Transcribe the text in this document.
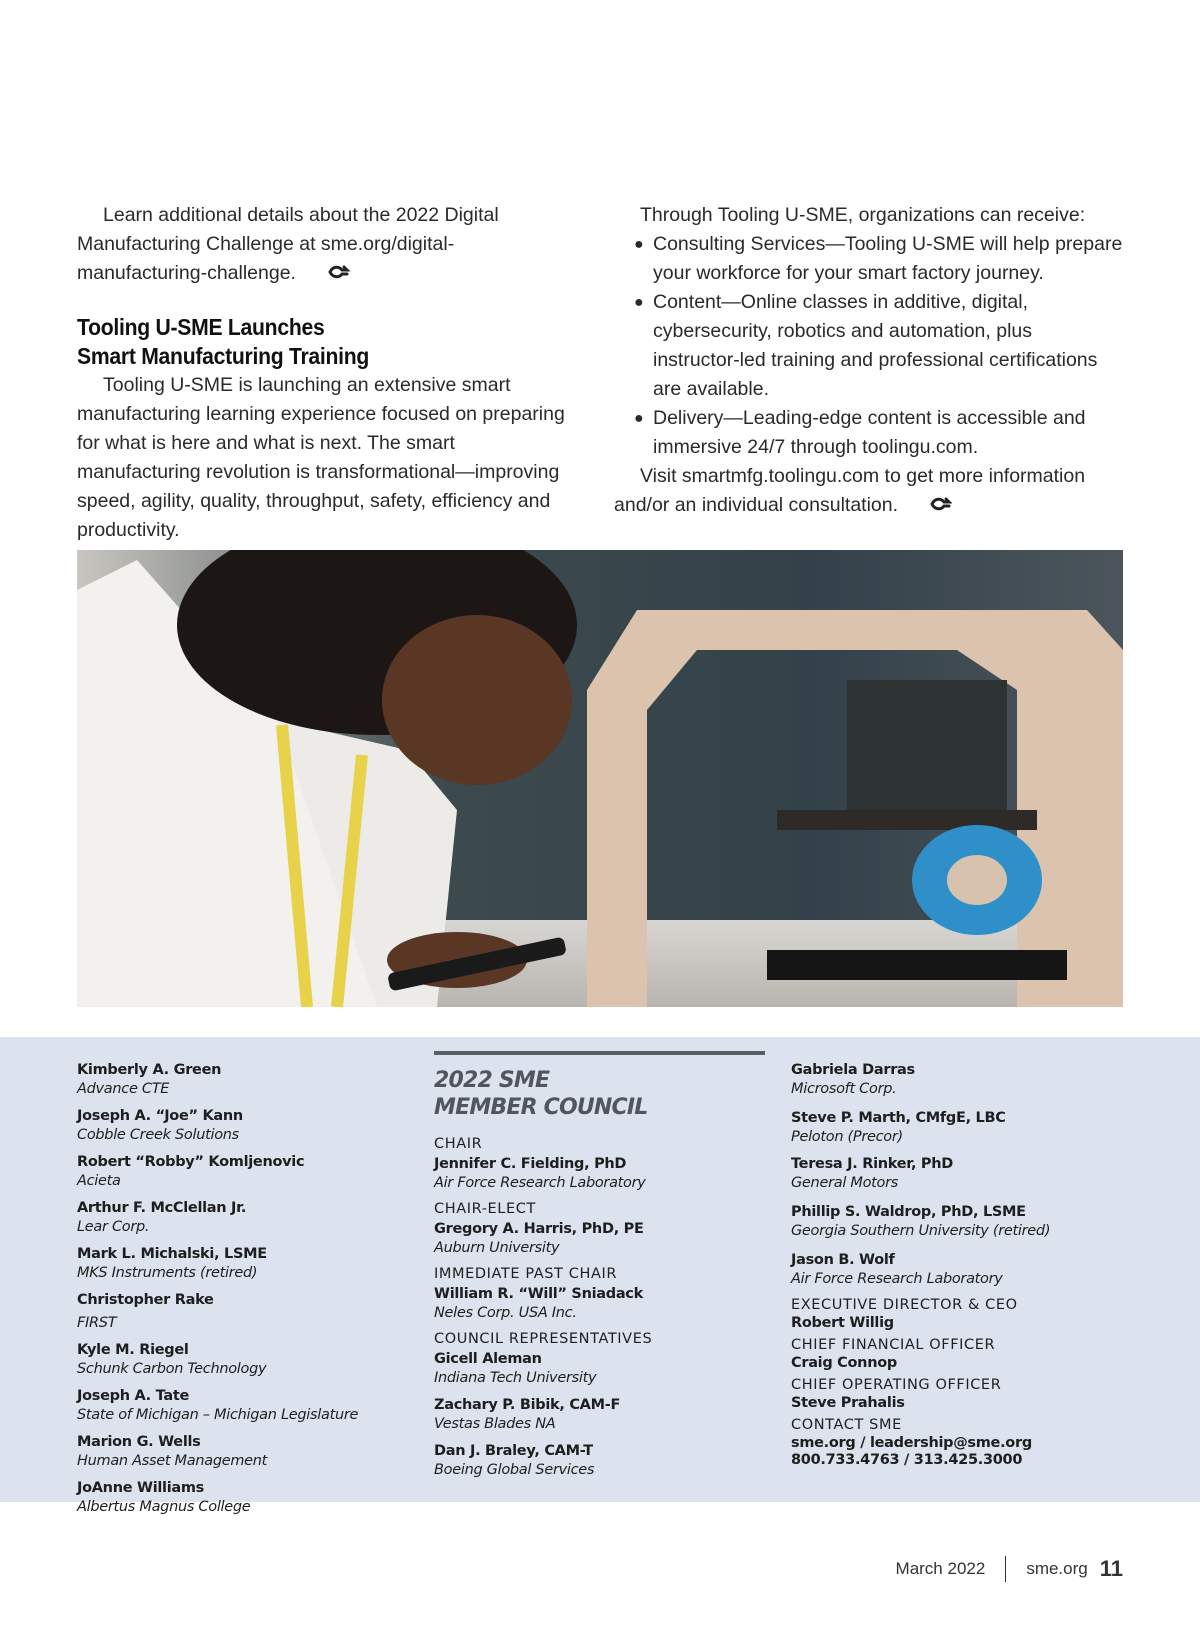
Learn additional details about the 2022 Digital Manufacturing Challenge at sme.org/digital-manufacturing-challenge.

Tooling U-SME Launches
Smart Manufacturing Training

Tooling U-SME is launching an extensive smart manufacturing learning experience focused on preparing for what is here and what is next. The smart manufacturing revolution is transformational—improving speed, agility, quality, throughput, safety, efficiency and productivity.

Through Tooling U-SME, organizations can receive:

● Consulting Services—Tooling U-SME will help prepare your workforce for your smart factory journey.
● Content—Online classes in additive, digital, cybersecurity, robotics and automation, plus instructor-led training and professional certifications are available.
● Delivery—Leading-edge content is accessible and immersive 24/7 through toolingu.com.

Visit smartmfg.toolingu.com to get more information and/or an individual consultation.

Kimberly A. Green
Advance CTE
Joseph A. “Joe” Kann
Cobble Creek Solutions
Robert “Robby” Komljenovic
Acieta
Arthur F. McClellan Jr.
Lear Corp.
Mark L. Michalski, LSME
MKS Instruments (retired)
Christopher Rake
FIRST
Kyle M. Riegel
Schunk Carbon Technology
Joseph A. Tate
State of Michigan – Michigan Legislature
Marion G. Wells
Human Asset Management
JoAnne Williams
Albertus Magnus College
2022 SME
MEMBER COUNCIL
CHAIR
Jennifer C. Fielding, PhD
Air Force Research Laboratory
CHAIR-ELECT
Gregory A. Harris, PhD, PE
Auburn University
IMMEDIATE PAST CHAIR
William R. “Will” Sniadack
Neles Corp. USA Inc.
COUNCIL REPRESENTATIVES
Gicell Aleman
Indiana Tech University
Zachary P. Bibik, CAM-F
Vestas Blades NA
Dan J. Braley, CAM-T
Boeing Global Services
Gabriela Darras
Microsoft Corp.
Steve P. Marth, CMfgE, LBC
Peloton (Precor)
Teresa J. Rinker, PhD
General Motors
Phillip S. Waldrop, PhD, LSME
Georgia Southern University (retired)
Jason B. Wolf
Air Force Research Laboratory
EXECUTIVE DIRECTOR & CEO
Robert Willig
CHIEF FINANCIAL OFFICER
Craig Connop
CHIEF OPERATING OFFICER
Steve Prahalis
CONTACT SME
sme.org / leadership@sme.org
800.733.4763 / 313.425.3000
March 2022 sme.org 11
